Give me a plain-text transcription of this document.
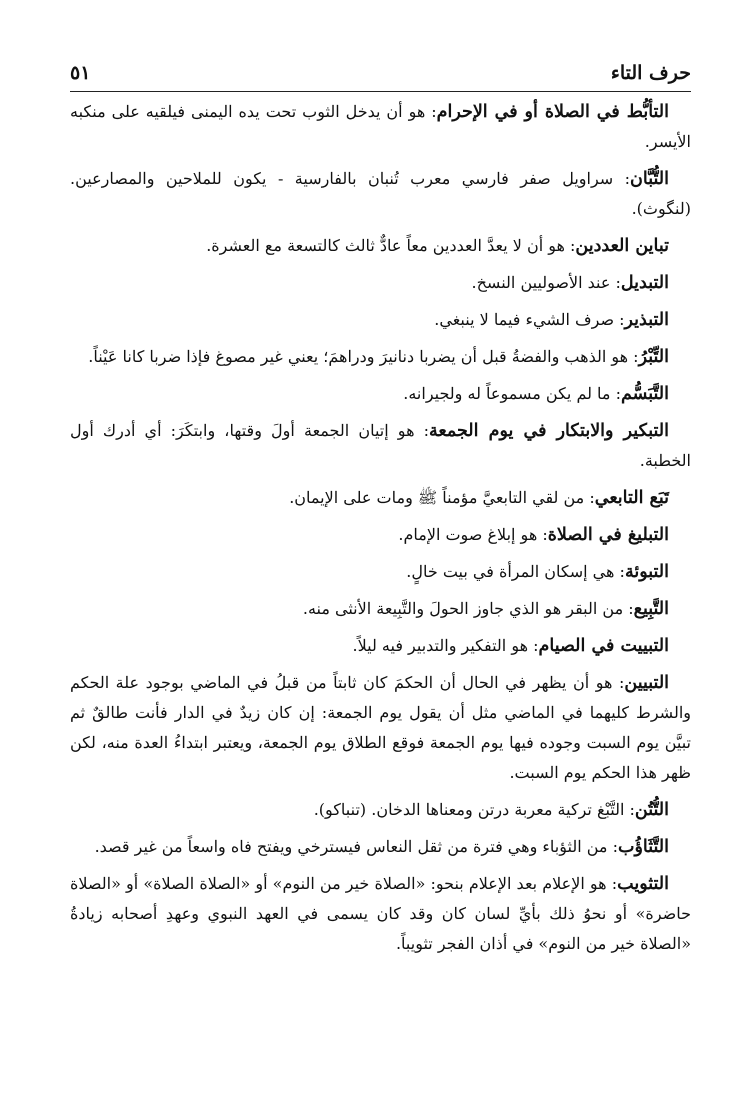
حرف التاء
٥١

التأبُّط في الصلاة أو في الإحرام: هو أن يدخل الثوب تحت يده اليمنى فيلقيه على منكبه الأيسر.

التُّبَّان: سراويل صفر فارسي معرب تُنبان بالفارسية - يكون للملاحين والمصارعين. (لنگوث).

تباين العددين: هو أن لا يعدَّ العددين معاً عادٌّ ثالث كالتسعة مع العشرة.

التبديل: عند الأصوليين النسخ.

التبذير: صرف الشيء فيما لا ينبغي.

التِّبْرُ: هو الذهب والفضةُ قبل أن يضربا دنانيرَ ودراهمَ؛ يعني غير مصوغ فإذا ضربا كانا عَيْناً.

التَّبَسُّم: ما لم يكن مسموعاً له ولجيرانه.

التبكير والابتكار في يوم الجمعة: هو إتيان الجمعة أولَ وقتها، وابتكَرَ: أي أدرك أول الخطبة.

تَبَع التابعي: من لقي التابعيَّ مؤمناً ﷺ ومات على الإيمان.

التبليغ في الصلاة: هو إبلاغ صوت الإمام.

التبوئة: هي إسكان المرأة في بيت خالٍ.

التَّبِيع: من البقر هو الذي جاوز الحولَ والتَّبِيعة الأنثى منه.

التبييت في الصيام: هو التفكير والتدبير فيه ليلاً.

التبيين: هو أن يظهر في الحال أن الحكمَ كان ثابتاً من قبلُ في الماضي بوجود علة الحكم والشرط كليهما في الماضي مثل أن يقول يوم الجمعة: إن كان زيدٌ في الدار فأنت طالقٌ ثم تبيَّن يوم السبت وجوده فيها يوم الجمعة فوقع الطلاق يوم الجمعة، ويعتبر ابتداءُ العدة منه، لكن ظهر هذا الحكم يوم السبت.

التُّتُن: التَّبْغ تركية معربة درتن ومعناها الدخان. (تنباكو).

التَّثَاؤُب: من الثؤباء وهي فترة من ثقل النعاس فيسترخي ويفتح فاه واسعاً من غير قصد.

التثويب: هو الإعلام بعد الإعلام بنحو: «الصلاة خير من النوم» أو «الصلاة الصلاة» أو «الصلاة حاضرة» أو نحوُ ذلك بأيِّ لسان كان وقد كان يسمى في العهد النبوي وعهدِ أصحابه زيادةُ «الصلاة خير من النوم» في أذان الفجر تثويباً.
